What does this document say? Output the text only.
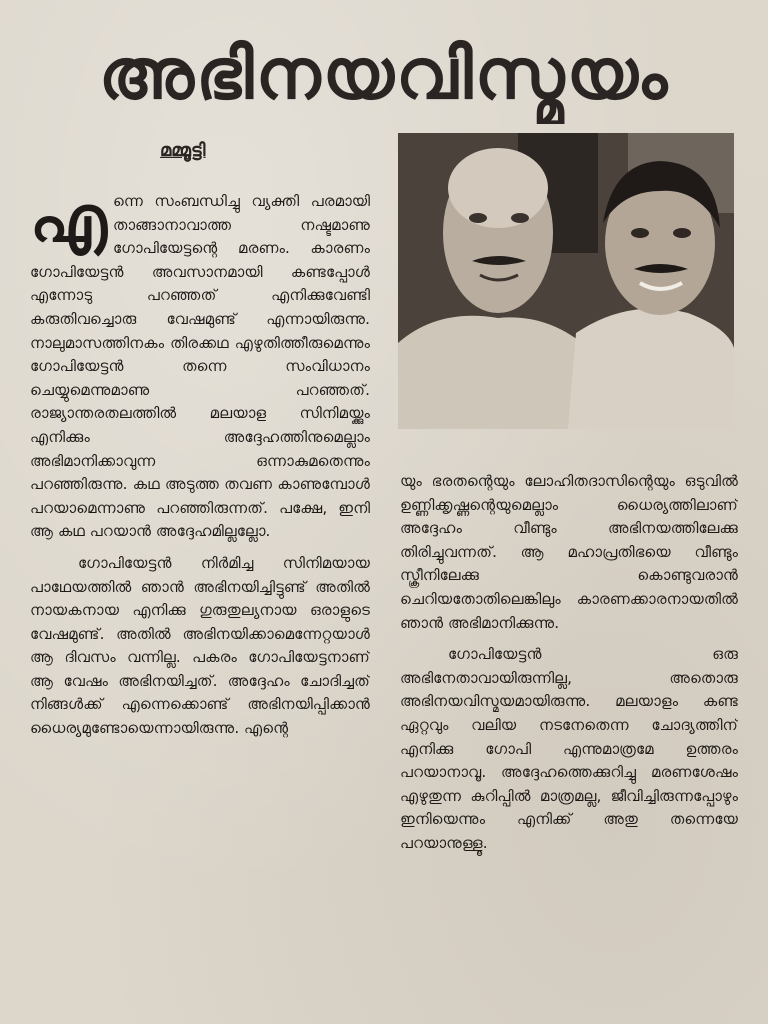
അഭിനയവിസ്മയം
മമ്മൂട്ടി

എന്നെ സംബന്ധിച്ചു വ്യക്തി പരമായി താങ്ങാനാവാത്ത നഷ്ടമാണു ഗോപിയേട്ടന്റെ മരണം. കാരണം ഗോപിയേട്ടൻ അവസാനമായി കണ്ടപ്പോൾ എന്നോടു പറഞ്ഞത് എനിക്കുവേണ്ടി കരുതിവച്ചൊരു വേഷമുണ്ട് എന്നായിരുന്നു. നാലുമാസത്തിനകം തിരക്കഥ എഴുതിത്തീരുമെന്നും ഗോപിയേട്ടൻ തന്നെ സംവിധാനം ചെയ്യുമെന്നുമാണു പറഞ്ഞത്. രാജ്യാന്തരതലത്തിൽ മലയാള സിനിമയ്ക്കും എനിക്കും അദ്ദേഹത്തിനുമെല്ലാം അഭിമാനിക്കാവുന്ന ഒന്നാകുമതെന്നും പറഞ്ഞിരുന്നു. കഥ അടുത്ത തവണ കാണുമ്പോൾ പറയാമെന്നാണു പറഞ്ഞിരുന്നത്. പക്ഷേ, ഇനി ആ കഥ പറയാൻ അദ്ദേഹമില്ലല്ലോ.

ഗോപിയേട്ടൻ നിർമിച്ച സിനിമയായ പാഥേയത്തിൽ ഞാൻ അഭിനയിച്ചിട്ടുണ്ട് അതിൽ നായകനായ എനിക്കു ഗുരുതുല്യനായ ഒരാളുടെ വേഷമുണ്ട്. അതിൽ അഭിനയിക്കാമെന്നേറ്റയാൾ ആ ദിവസം വന്നില്ല. പകരം ഗോപിയേട്ടനാണ് ആ വേഷം അഭിനയിച്ചത്. അദ്ദേഹം ചോദിച്ചത് നിങ്ങൾക്ക് എന്നെക്കൊണ്ട് അഭിനയിപ്പിക്കാൻ ധൈര്യമുണ്ടോയെന്നായിരുന്നു. എന്റെ

യും ഭരതന്റെയും ലോഹിതദാസിന്റെയും ഒടുവിൽ ഉണ്ണിക്കൃഷ്ണന്റെയുമെല്ലാം ധൈര്യത്തിലാണ് അദ്ദേഹം വീണ്ടും അഭിനയത്തിലേക്കു തിരിച്ചുവന്നത്. ആ മഹാപ്രതിഭയെ വീണ്ടും സ്ക്രീനിലേക്കു കൊണ്ടുവരാൻ ചെറിയതോതിലെങ്കിലും കാരണക്കാരനായതിൽ ഞാൻ അഭിമാനിക്കുന്നു.

ഗോപിയേട്ടൻ ഒരു അഭിനേതാവായിരുന്നില്ല, അതൊരു അഭിനയവിസ്മയമായിരുന്നു. മലയാളം കണ്ട ഏറ്റവും വലിയ നടനേതെന്ന ചോദ്യത്തിന് എനിക്കു ഗോപി എന്നുമാത്രമേ ഉത്തരം പറയാനാവൂ. അദ്ദേഹത്തെക്കുറിച്ചു മരണശേഷം എഴുതുന്ന കുറിപ്പിൽ മാത്രമല്ല, ജീവിച്ചിരുന്നപ്പോഴും ഇനിയെന്നും എനിക്ക് അതു തന്നെയേ പറയാനുള്ളൂ.
